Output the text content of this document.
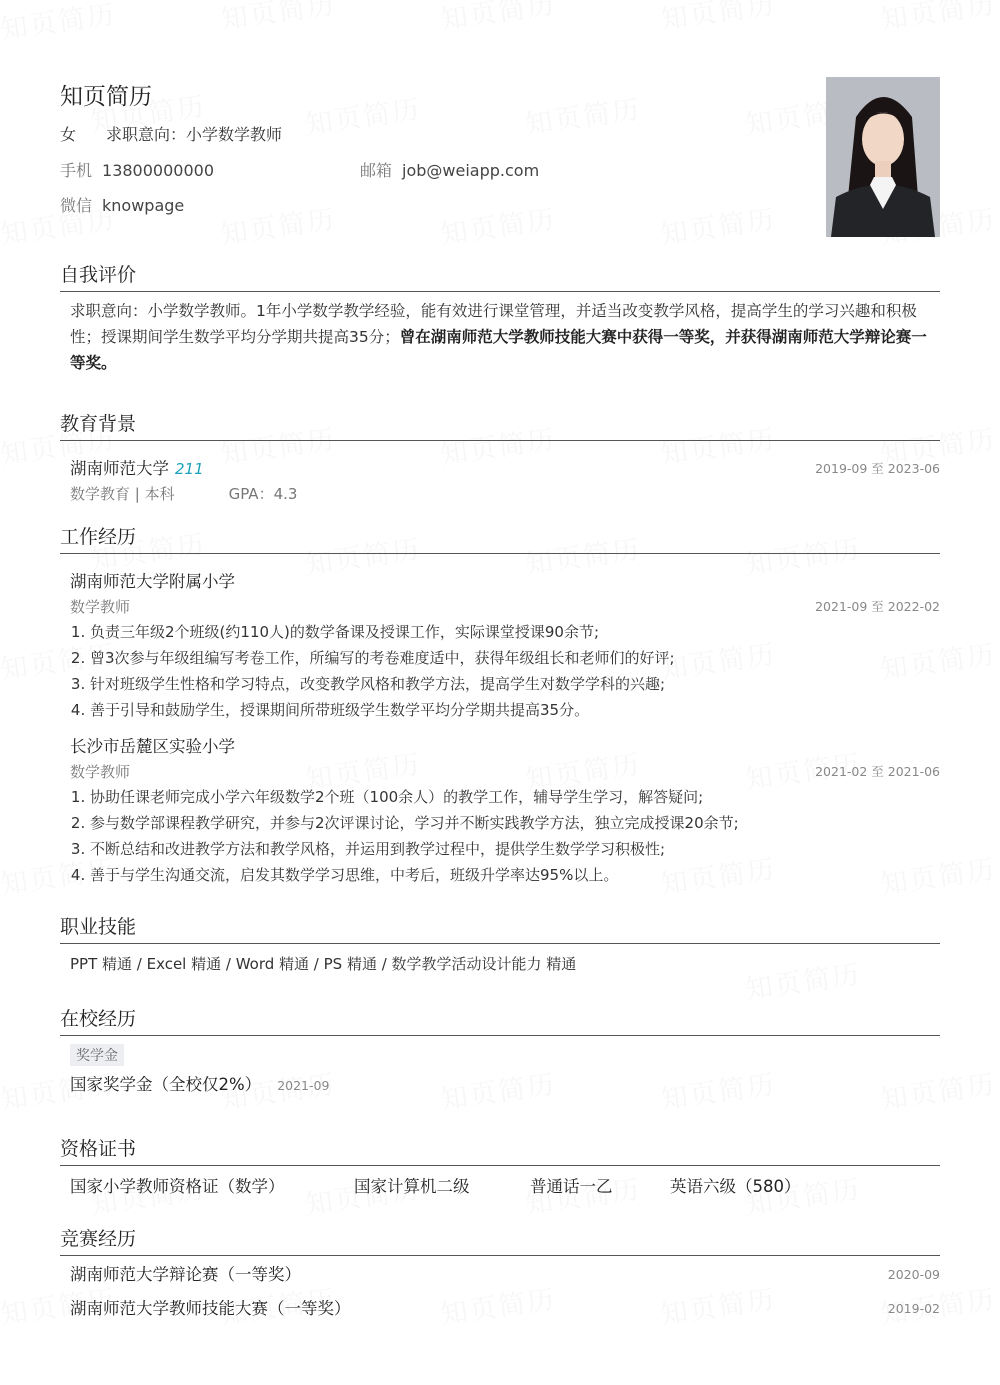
知页简历
女 求职意向：小学数学教师
手机 13800000000	邮箱 job@weiapp.com
微信 knowpage
自我评价
求职意向：小学数学教师。1年小学数学教学经验，能有效进行课堂管理，并适当改变教学风格，提高学生的学习兴趣和积极性；授课期间学生数学平均分学期共提高35分；曾在湖南师范大学教师技能大赛中获得一等奖，并获得湖南师范大学辩论赛一等奖。
教育背景
湖南师范大学 211	2019-09 至 2023-06
数学教育 | 本科	GPA：4.3
工作经历
湖南师范大学附属小学
数学教师	2021-09 至 2022-02
1. 负责三年级2个班级(约110人)的数学备课及授课工作，实际课堂授课90余节;
2. 曾3次参与年级组编写考卷工作，所编写的考卷难度适中，获得年级组长和老师们的好评;
3. 针对班级学生性格和学习特点，改变教学风格和教学方法，提高学生对数学学科的兴趣;
4. 善于引导和鼓励学生，授课期间所带班级学生数学平均分学期共提高35分。
长沙市岳麓区实验小学
数学教师	2021-02 至 2021-06
1. 协助任课老师完成小学六年级数学2个班（100余人）的教学工作，辅导学生学习，解答疑问;
2. 参与数学部课程教学研究，并参与2次评课讨论，学习并不断实践教学方法，独立完成授课20余节;
3. 不断总结和改进教学方法和教学风格，并运用到教学过程中，提供学生数学学习积极性;
4. 善于与学生沟通交流，启发其数学学习思维，中考后，班级升学率达95%以上。
职业技能
PPT 精通 / Excel 精通 / Word 精通 / PS 精通 / 数学教学活动设计能力 精通
在校经历
奖学金
国家奖学金（全校仅2%） 2021-09
资格证书
国家小学教师资格证（数学）	国家计算机二级	普通话一乙	英语六级（580）
竞赛经历
湖南师范大学辩论赛（一等奖）	2020-09
湖南师范大学教师技能大赛（一等奖）	2019-02
